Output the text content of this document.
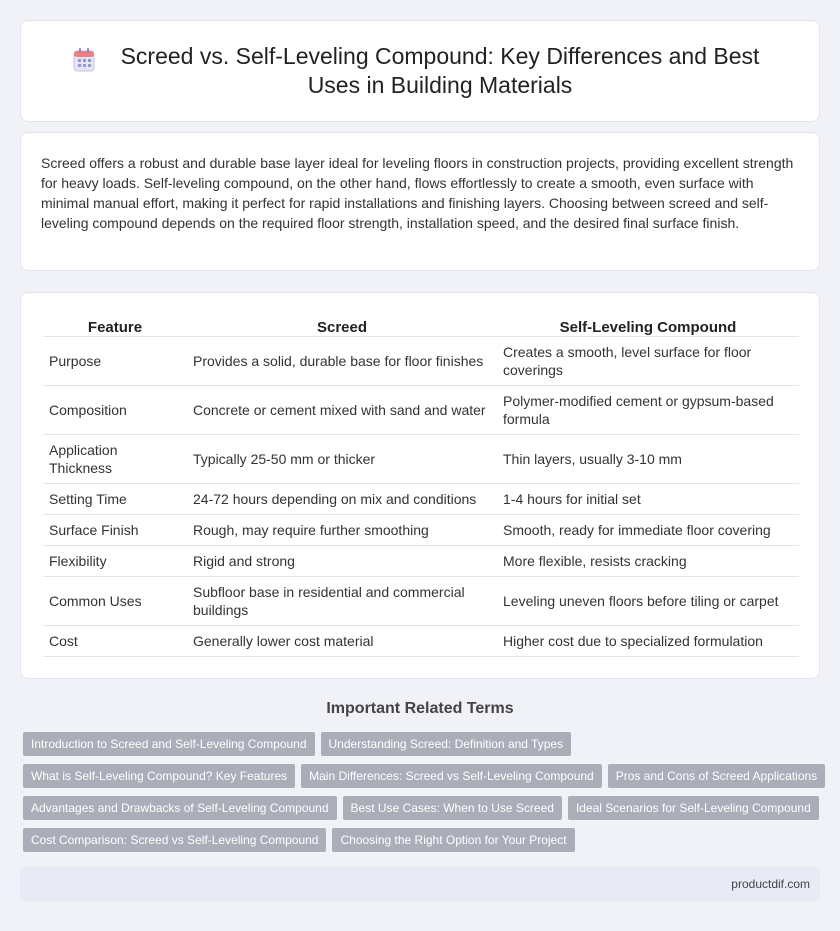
Screed vs. Self-Leveling Compound: Key Differences and Best Uses in Building Materials

Screed offers a robust and durable base layer ideal for leveling floors in construction projects, providing excellent strength for heavy loads. Self-leveling compound, on the other hand, flows effortlessly to create a smooth, even surface with minimal manual effort, making it perfect for rapid installations and finishing layers. Choosing between screed and self-leveling compound depends on the required floor strength, installation speed, and the desired final surface finish.

Feature	Screed	Self-Leveling Compound
Purpose	Provides a solid, durable base for floor finishes	Creates a smooth, level surface for floor coverings
Composition	Concrete or cement mixed with sand and water	Polymer-modified cement or gypsum-based formula
Application Thickness	Typically 25-50 mm or thicker	Thin layers, usually 3-10 mm
Setting Time	24-72 hours depending on mix and conditions	1-4 hours for initial set
Surface Finish	Rough, may require further smoothing	Smooth, ready for immediate floor covering
Flexibility	Rigid and strong	More flexible, resists cracking
Common Uses	Subfloor base in residential and commercial buildings	Leveling uneven floors before tiling or carpet
Cost	Generally lower cost material	Higher cost due to specialized formulation
Important Related Terms
Introduction to Screed and Self-Leveling Compound	Understanding Screed: Definition and Types
What is Self-Leveling Compound? Key Features	Main Differences: Screed vs Self-Leveling Compound	Pros and Cons of Screed Applications
Advantages and Drawbacks of Self-Leveling Compound	Best Use Cases: When to Use Screed	Ideal Scenarios for Self-Leveling Compound
Cost Comparison: Screed vs Self-Leveling Compound	Choosing the Right Option for Your Project
productdif.com
